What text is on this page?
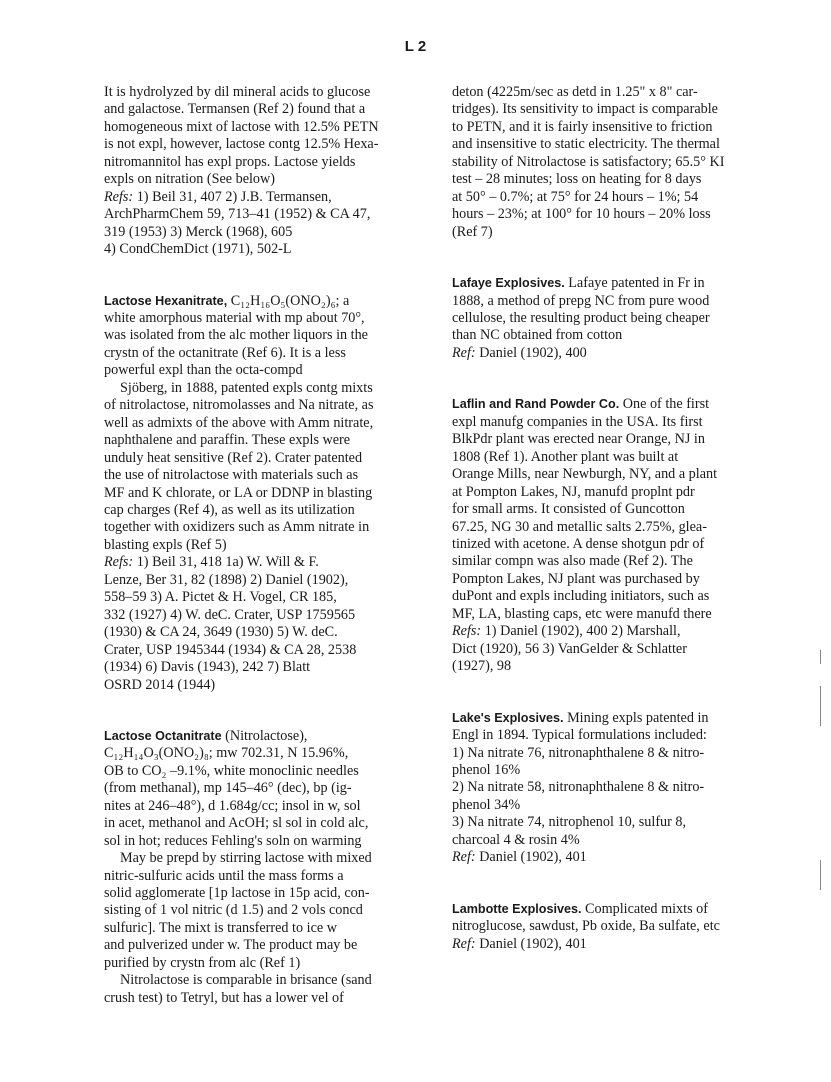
L 2
It is hydrolyzed by dil mineral acids to glucose
and galactose. Termansen (Ref 2) found that a
homogeneous mixt of lactose with 12.5% PETN
is not expl, however, lactose contg 12.5% Hexa-
nitromannitol has expl props. Lactose yields
expls on nitration (See below)
Refs: 1) Beil 31, 407 2) J.B. Termansen,
ArchPharmChem 59, 713–41 (1952) & CA 47,
319 (1953) 3) Merck (1968), 605
4) CondChemDict (1971), 502-L
Lactose Hexanitrate, C₁₂H₁₆O₅(ONO₂)₆; a
white amorphous material with mp about 70°,
was isolated from the alc mother liquors in the
crystn of the octanitrate (Ref 6). It is a less
powerful expl than the octa-compd
Sjöberg, in 1888, patented expls contg mixts
of nitrolactose, nitromolasses and Na nitrate, as
well as admixts of the above with Amm nitrate,
naphthalene and paraffin. These expls were
unduly heat sensitive (Ref 2). Crater patented
the use of nitrolactose with materials such as
MF and K chlorate, or LA or DDNP in blasting
cap charges (Ref 4), as well as its utilization
together with oxidizers such as Amm nitrate in
blasting expls (Ref 5)
Refs: 1) Beil 31, 418 1a) W. Will & F.
Lenze, Ber 31, 82 (1898) 2) Daniel (1902),
558–59 3) A. Pictet & H. Vogel, CR 185,
332 (1927) 4) W. deC. Crater, USP 1759565
(1930) & CA 24, 3649 (1930) 5) W. deC.
Crater, USP 1945344 (1934) & CA 28, 2538
(1934) 6) Davis (1943), 242 7) Blatt
OSRD 2014 (1944)
Lactose Octanitrate (Nitrolactose),
C₁₂H₁₄O₃(ONO₂)₈; mw 702.31, N 15.96%,
OB to CO₂ –9.1%, white monoclinic needles
(from methanal), mp 145–46° (dec), bp (ig-
nites at 246–48°), d 1.684g/cc; insol in w, sol
in acet, methanol and AcOH; sl sol in cold alc,
sol in hot; reduces Fehling's soln on warming
May be prepd by stirring lactose with mixed
nitric-sulfuric acids until the mass forms a
solid agglomerate [1p lactose in 15p acid, con-
sisting of 1 vol nitric (d 1.5) and 2 vols concd
sulfuric]. The mixt is transferred to ice w
and pulverized under w. The product may be
purified by crystn from alc (Ref 1)
Nitrolactose is comparable in brisance (sand
crush test) to Tetryl, but has a lower vel of
deton (4225m/sec as detd in 1.25" x 8" car-
tridges). Its sensitivity to impact is comparable
to PETN, and it is fairly insensitive to friction
and insensitive to static electricity. The thermal
stability of Nitrolactose is satisfactory; 65.5° KI
test – 28 minutes; loss on heating for 8 days
at 50° – 0.7%; at 75° for 24 hours – 1%; 54
hours – 23%; at 100° for 10 hours – 20% loss
(Ref 7)
Lafaye Explosives. Lafaye patented in Fr in
1888, a method of prepg NC from pure wood
cellulose, the resulting product being cheaper
than NC obtained from cotton
Ref: Daniel (1902), 400
Laflin and Rand Powder Co. One of the first
expl manufg companies in the USA. Its first
BlkPdr plant was erected near Orange, NJ in
1808 (Ref 1). Another plant was built at
Orange Mills, near Newburgh, NY, and a plant
at Pompton Lakes, NJ, manufd proplnt pdr
for small arms. It consisted of Guncotton
67.25, NG 30 and metallic salts 2.75%, glea-
tinized with acetone. A dense shotgun pdr of
similar compn was also made (Ref 2). The
Pompton Lakes, NJ plant was purchased by
duPont and expls including initiators, such as
MF, LA, blasting caps, etc were manufd there
Refs: 1) Daniel (1902), 400 2) Marshall,
Dict (1920), 56 3) VanGelder & Schlatter
(1927), 98
Lake's Explosives. Mining expls patented in
Engl in 1894. Typical formulations included:
1) Na nitrate 76, nitronaphthalene 8 & nitro-
phenol 16%
2) Na nitrate 58, nitronaphthalene 8 & nitro-
phenol 34%
3) Na nitrate 74, nitrophenol 10, sulfur 8,
charcoal 4 & rosin 4%
Ref: Daniel (1902), 401
Lambotte Explosives. Complicated mixts of
nitroglucose, sawdust, Pb oxide, Ba sulfate, etc
Ref: Daniel (1902), 401
